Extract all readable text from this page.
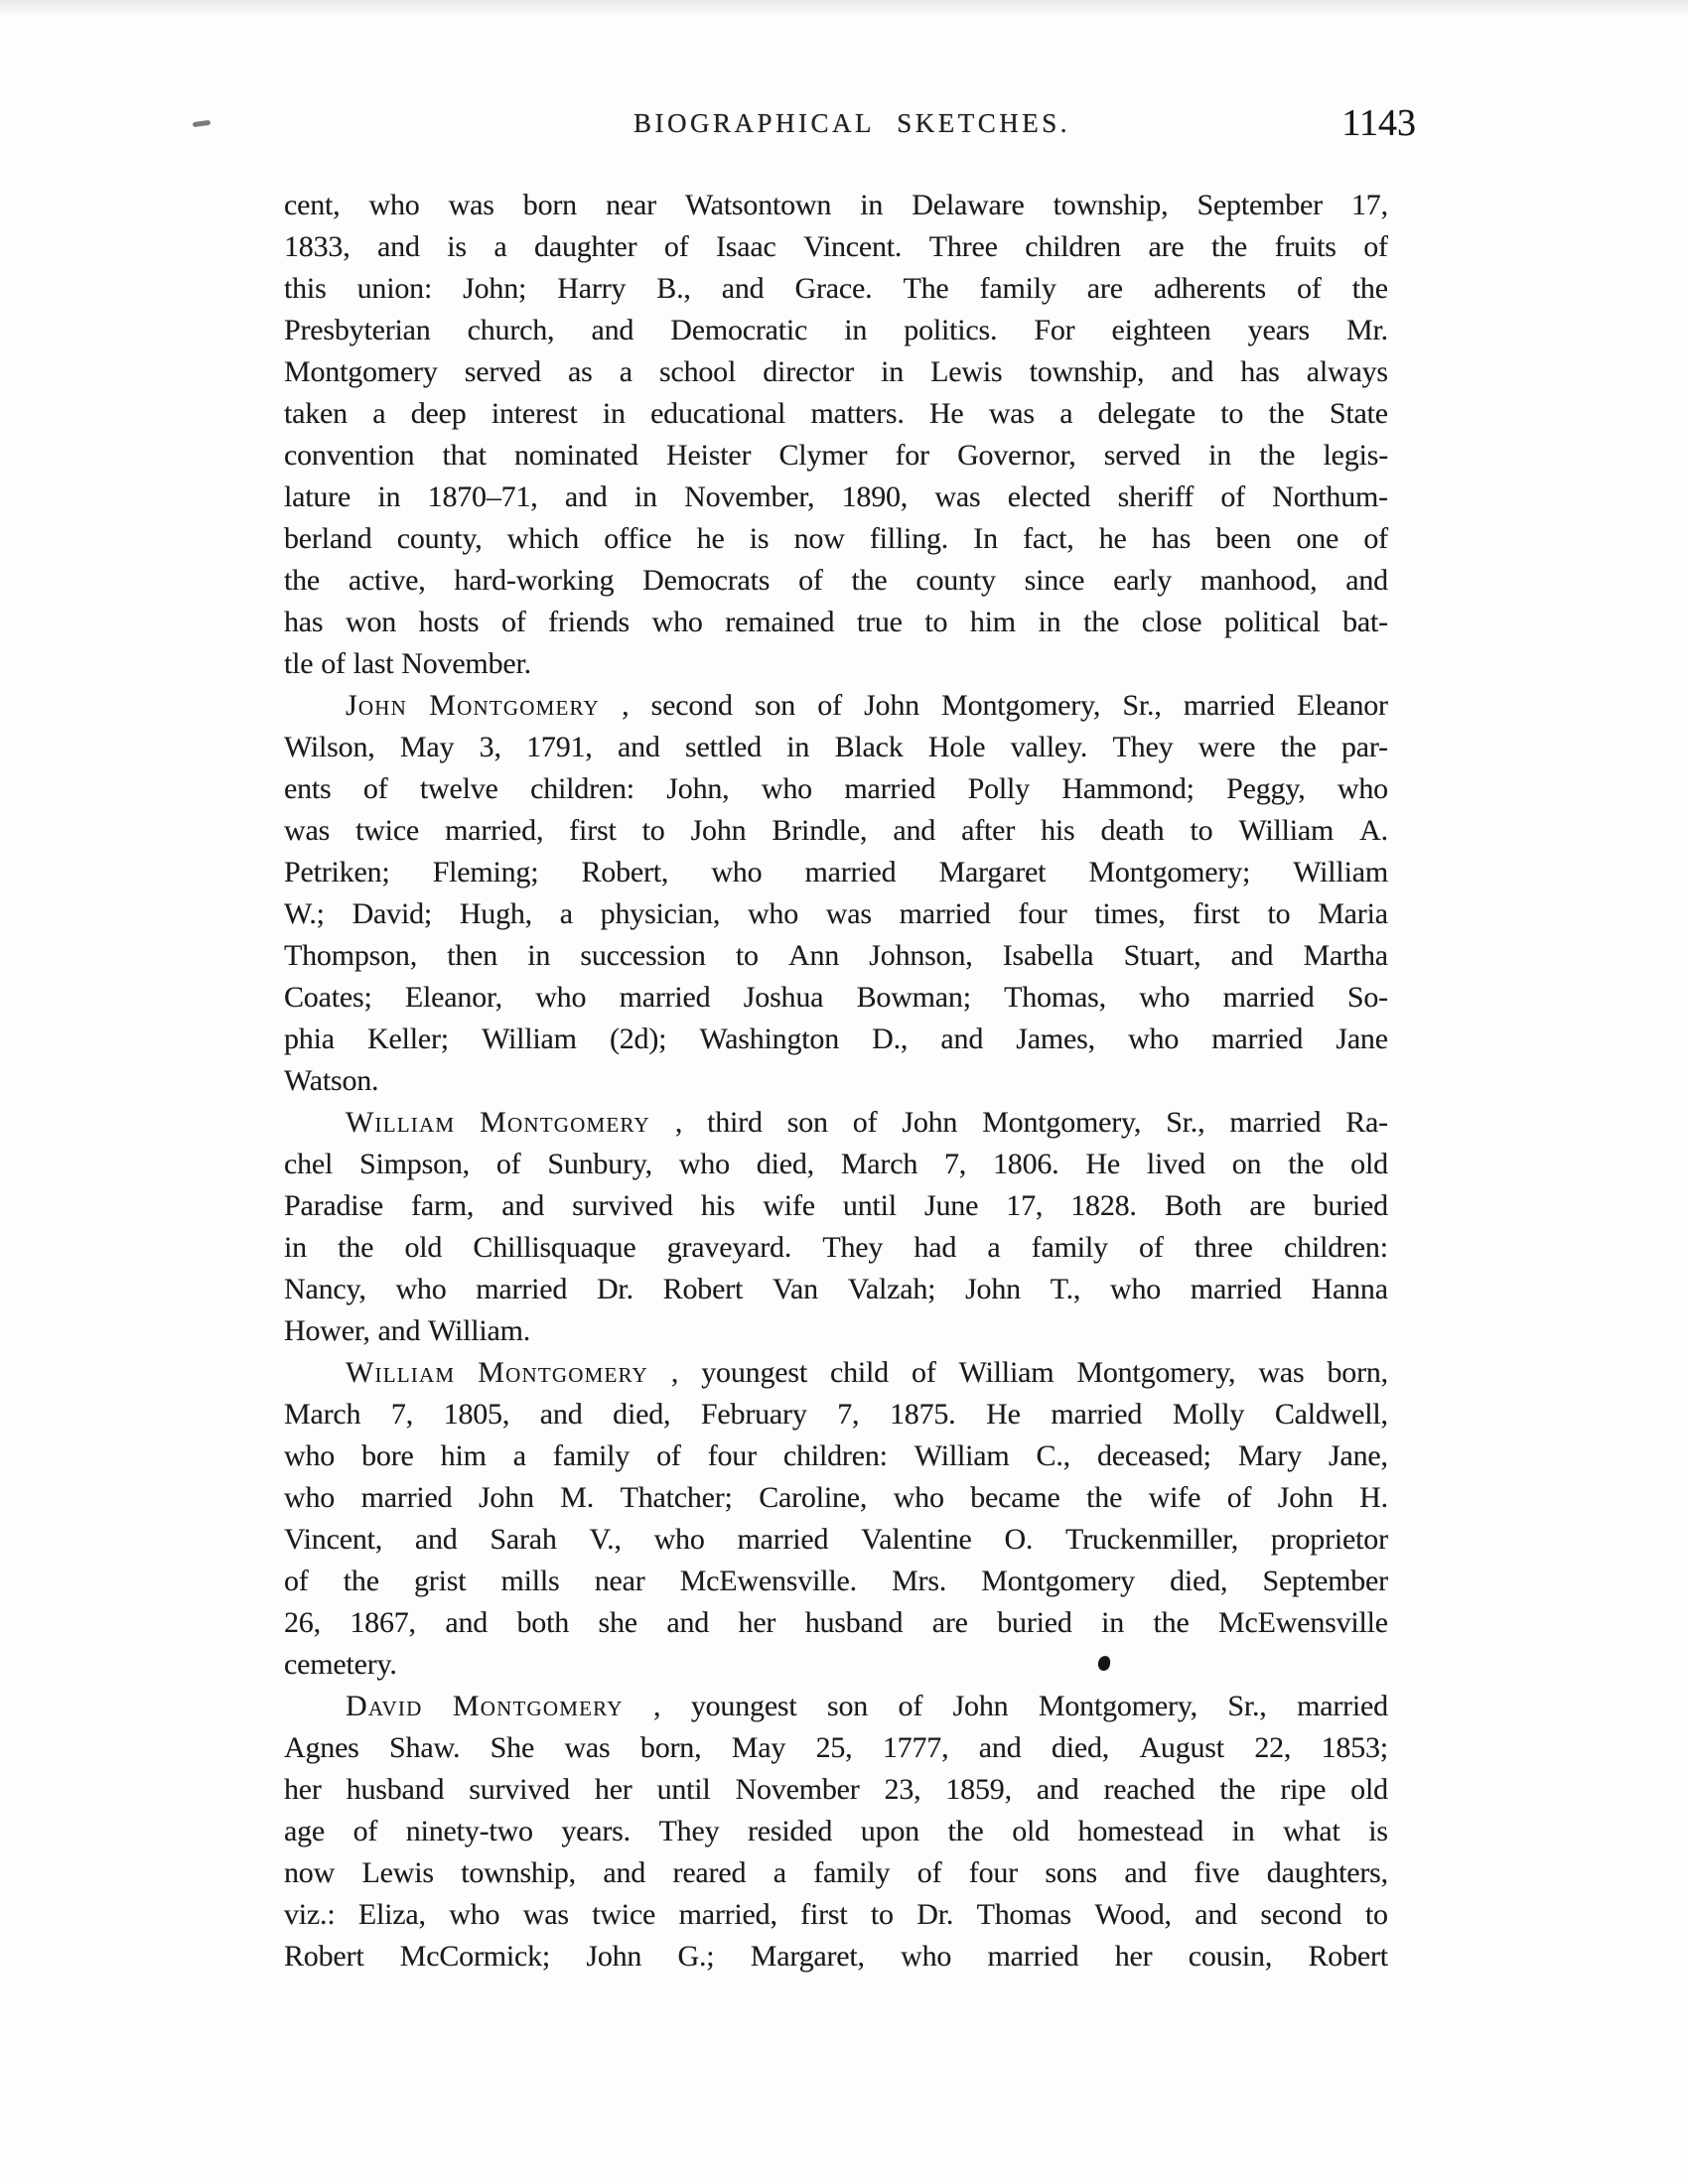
BIOGRAPHICAL SKETCHES.	1143
cent, who was born near Watsontown in Delaware township, September 17,
1833, and is a daughter of Isaac Vincent. Three children are the fruits of
this union: John; Harry B., and Grace. The family are adherents of the
Presbyterian church, and Democratic in politics. For eighteen years Mr.
Montgomery served as a school director in Lewis township, and has always
taken a deep interest in educational matters. He was a delegate to the State
convention that nominated Heister Clymer for Governor, served in the legis-
lature in 1870–71, and in November, 1890, was elected sheriff of Northum-
berland county, which office he is now filling. In fact, he has been one of
the active, hard-working Democrats of the county since early manhood, and
has won hosts of friends who remained true to him in the close political bat-
tle of last November.
John Montgomery , second son of John Montgomery, Sr., married Eleanor
Wilson, May 3, 1791, and settled in Black Hole valley. They were the par-
ents of twelve children: John, who married Polly Hammond; Peggy, who
was twice married, first to John Brindle, and after his death to William A.
Petriken; Fleming; Robert, who married Margaret Montgomery; William
W.; David; Hugh, a physician, who was married four times, first to Maria
Thompson, then in succession to Ann Johnson, Isabella Stuart, and Martha
Coates; Eleanor, who married Joshua Bowman; Thomas, who married So-
phia Keller; William (2d); Washington D., and James, who married Jane
Watson.
William Montgomery , third son of John Montgomery, Sr., married Ra-
chel Simpson, of Sunbury, who died, March 7, 1806. He lived on the old
Paradise farm, and survived his wife until June 17, 1828. Both are buried
in the old Chillisquaque graveyard. They had a family of three children:
Nancy, who married Dr. Robert Van Valzah; John T., who married Hanna
Hower, and William.
William Montgomery , youngest child of William Montgomery, was born,
March 7, 1805, and died, February 7, 1875. He married Molly Caldwell,
who bore him a family of four children: William C., deceased; Mary Jane,
who married John M. Thatcher; Caroline, who became the wife of John H.
Vincent, and Sarah V., who married Valentine O. Truckenmiller, proprietor
of the grist mills near McEwensville. Mrs. Montgomery died, September
26, 1867, and both she and her husband are buried in the McEwensville
cemetery.
David Montgomery , youngest son of John Montgomery, Sr., married
Agnes Shaw. She was born, May 25, 1777, and died, August 22, 1853;
her husband survived her until November 23, 1859, and reached the ripe old
age of ninety-two years. They resided upon the old homestead in what is
now Lewis township, and reared a family of four sons and five daughters,
viz.: Eliza, who was twice married, first to Dr. Thomas Wood, and second to
Robert McCormick; John G.; Margaret, who married her cousin, Robert
